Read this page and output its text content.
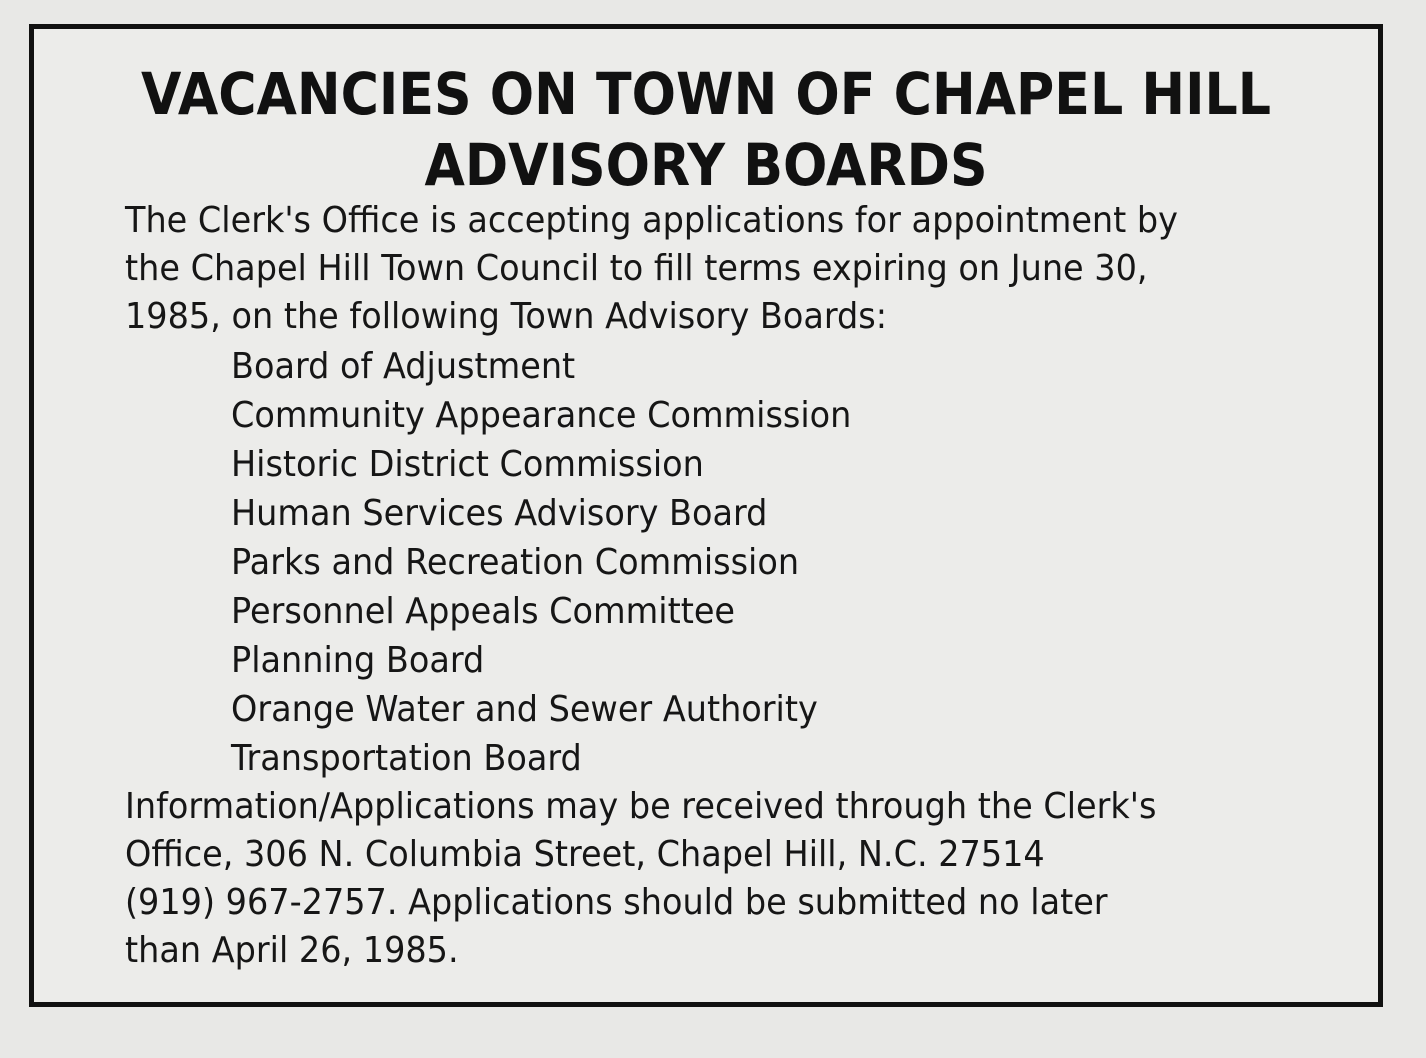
VACANCIES ON TOWN OF CHAPEL HILL
ADVISORY BOARDS
The Clerk's Office is accepting applications for appointment by
the Chapel Hill Town Council to fill terms expiring on June 30,
1985, on the following Town Advisory Boards:
Board of Adjustment
Community Appearance Commission
Historic District Commission
Human Services Advisory Board
Parks and Recreation Commission
Personnel Appeals Committee
Planning Board
Orange Water and Sewer Authority
Transportation Board
Information/Applications may be received through the Clerk's
Office, 306 N. Columbia Street, Chapel Hill, N.C. 27514
(919) 967-2757. Applications should be submitted no later
than April 26, 1985.
